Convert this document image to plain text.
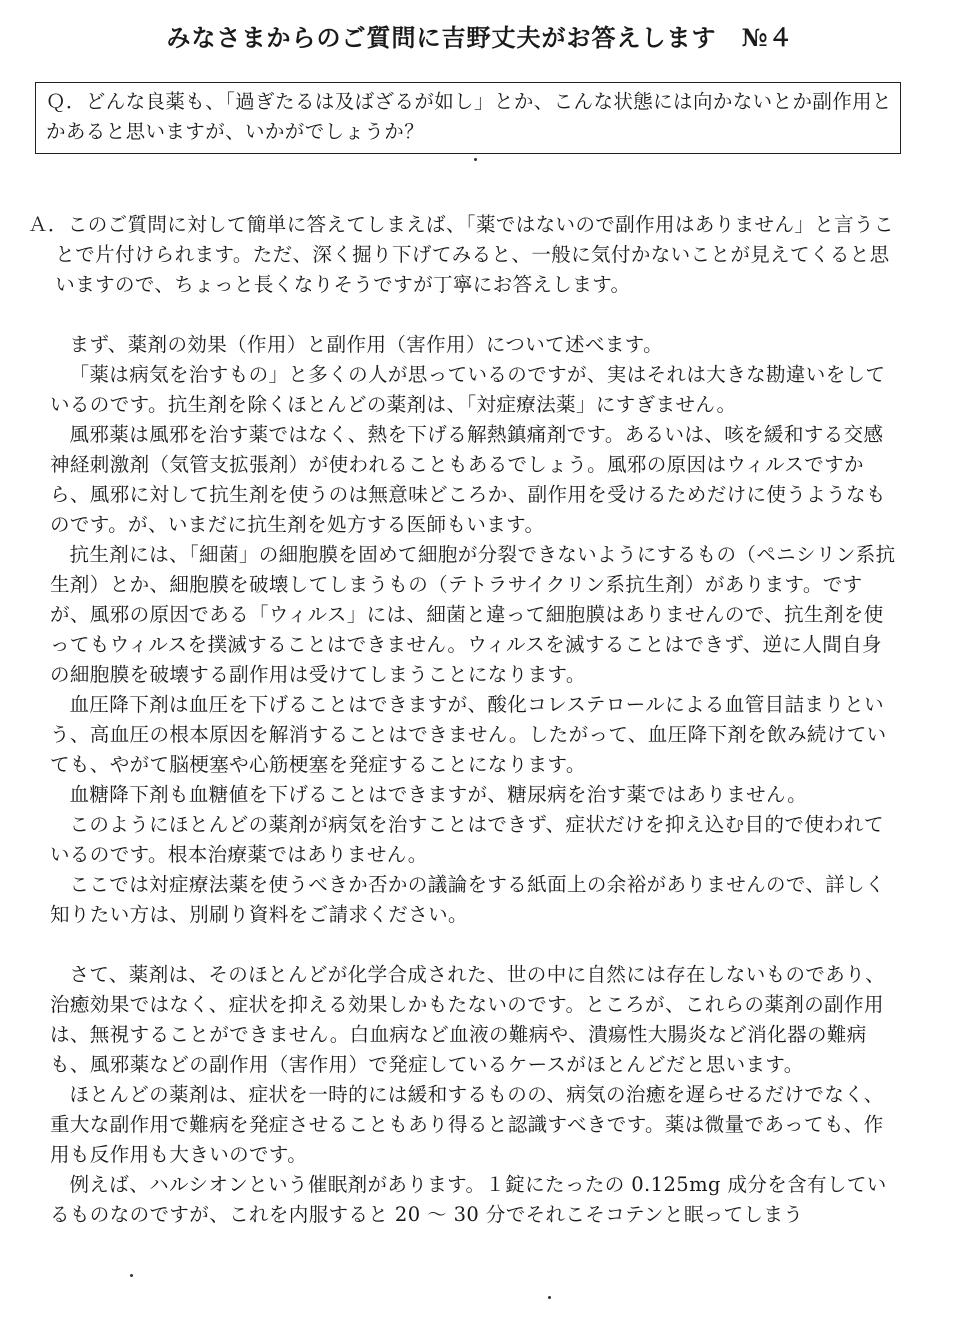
みなさまからのご質問に吉野丈夫がお答えします　№４
Ｑ．どんな良薬も、「過ぎたるは及ばざるが如し」とか、こんな状態には向かないとか副作用とかあると思いますが、いかがでしょうか？

Ａ．このご質問に対して簡単に答えてしまえば、「薬ではないので副作用はありません」と言うことで片付けられます。ただ、深く掘り下げてみると、一般に気付かないことが見えてくると思いますので、ちょっと長くなりそうですが丁寧にお答えします。

まず、薬剤の効果（作用）と副作用（害作用）について述べます。

「薬は病気を治すもの」と多くの人が思っているのですが、実はそれは大きな勘違いをしているのです。抗生剤を除くほとんどの薬剤は、「対症療法薬」にすぎません。

風邪薬は風邪を治す薬ではなく、熱を下げる解熱鎮痛剤です。あるいは、咳を緩和する交感神経刺激剤（気管支拡張剤）が使われることもあるでしょう。風邪の原因はウィルスですから、風邪に対して抗生剤を使うのは無意味どころか、副作用を受けるためだけに使うようなものです。が、いまだに抗生剤を処方する医師もいます。

抗生剤には、「細菌」の細胞膜を固めて細胞が分裂できないようにするもの（ペニシリン系抗生剤）とか、細胞膜を破壊してしまうもの（テトラサイクリン系抗生剤）があります。ですが、風邪の原因である「ウィルス」には、細菌と違って細胞膜はありませんので、抗生剤を使ってもウィルスを撲滅することはできません。ウィルスを滅することはできず、逆に人間自身の細胞膜を破壊する副作用は受けてしまうことになります。

血圧降下剤は血圧を下げることはできますが、酸化コレステロールによる血管目詰まりという、高血圧の根本原因を解消することはできません。したがって、血圧降下剤を飲み続けていても、やがて脳梗塞や心筋梗塞を発症することになります。

血糖降下剤も血糖値を下げることはできますが、糖尿病を治す薬ではありません。

このようにほとんどの薬剤が病気を治すことはできず、症状だけを抑え込む目的で使われているのです。根本治療薬ではありません。

ここでは対症療法薬を使うべきか否かの議論をする紙面上の余裕がありませんので、詳しく知りたい方は、別刷り資料をご請求ください。

さて、薬剤は、そのほとんどが化学合成された、世の中に自然には存在しないものであり、治癒効果ではなく、症状を抑える効果しかもたないのです。ところが、これらの薬剤の副作用は、無視することができません。白血病など血液の難病や、潰瘍性大腸炎など消化器の難病も、風邪薬などの副作用（害作用）で発症しているケースがほとんどだと思います。

ほとんどの薬剤は、症状を一時的には緩和するものの、病気の治癒を遅らせるだけでなく、重大な副作用で難病を発症させることもあり得ると認識すべきです。薬は微量であっても、作用も反作用も大きいのです。

例えば、ハルシオンという催眠剤があります。１錠にたったの 0.125mg 成分を含有しているものなのですが、これを内服すると 20 ～ 30 分でそれこそコテンと眠ってしまう
